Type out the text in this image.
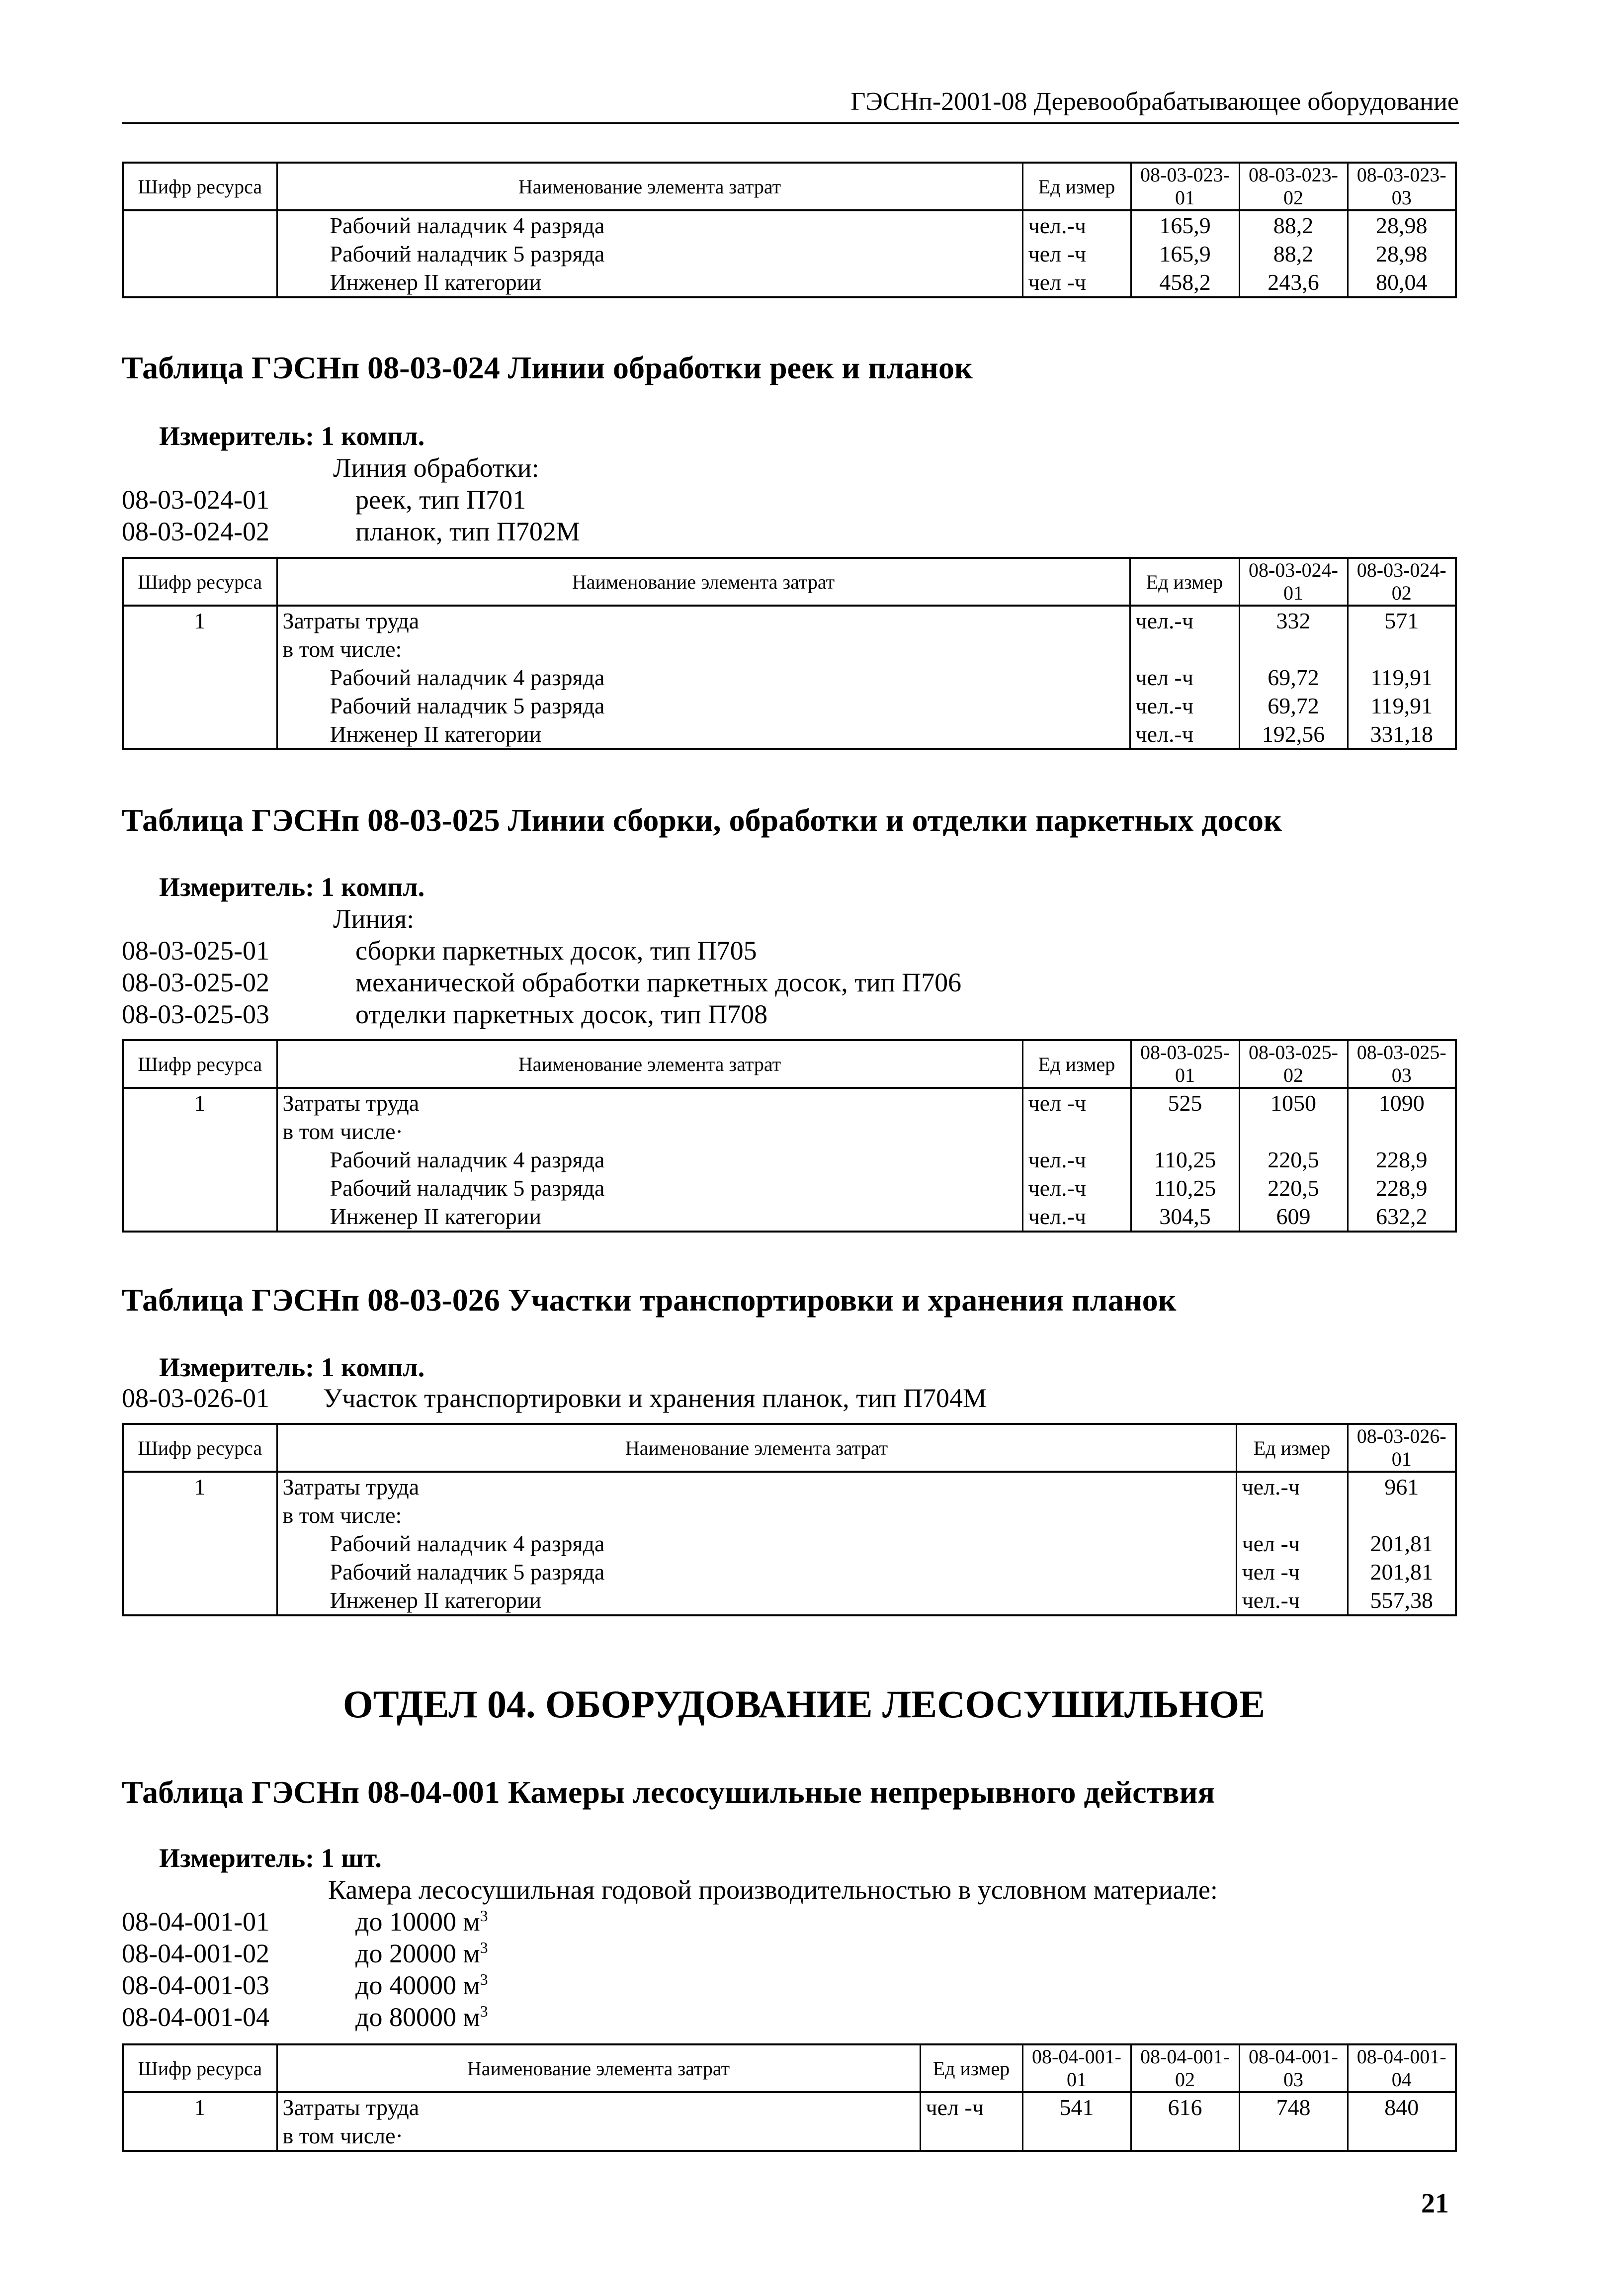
ГЭСНп-2001-08 Деревообрабатывающее оборудование
Шифр ресурса	Наименование элемента затрат	Ед измер	08-03-023-01	08-03-023-02	08-03-023-03
	Рабочий наладчик 4 разряда	чел.-ч	165,9	88,2	28,98
	Рабочий наладчик 5 разряда	чел -ч	165,9	88,2	28,98
	Инженер II категории	чел -ч	458,2	243,6	80,04
Таблица ГЭСНп 08-03-024 Линии обработки реек и планок
Измеритель: 1 компл.
Линия обработки:
08-03-024-01	реек, тип П701
08-03-024-02	планок, тип П702М
Шифр ресурса	Наименование элемента затрат	Ед измер	08-03-024-01	08-03-024-02
1	Затраты труда	чел.-ч	332	571
	в том числе:			
	Рабочий наладчик 4 разряда	чел -ч	69,72	119,91
	Рабочий наладчик 5 разряда	чел.-ч	69,72	119,91
	Инженер II категории	чел.-ч	192,56	331,18
Таблица ГЭСНп 08-03-025 Линии сборки, обработки и отделки паркетных досок
Измеритель: 1 компл.
Линия:
08-03-025-01	сборки паркетных досок, тип П705
08-03-025-02	механической обработки паркетных досок, тип П706
08-03-025-03	отделки паркетных досок, тип П708
Шифр ресурса	Наименование элемента затрат	Ед измер	08-03-025-01	08-03-025-02	08-03-025-03
1	Затраты труда	чел -ч	525	1050	1090
	в том числе·				
	Рабочий наладчик 4 разряда	чел.-ч	110,25	220,5	228,9
	Рабочий наладчик 5 разряда	чел.-ч	110,25	220,5	228,9
	Инженер II категории	чел.-ч	304,5	609	632,2
Таблица ГЭСНп 08-03-026 Участки транспортировки и хранения планок
Измеритель: 1 компл.
08-03-026-01 Участок транспортировки и хранения планок, тип П704М
Шифр ресурса	Наименование элемента затрат	Ед измер	08-03-026-01
1	Затраты труда	чел.-ч	961
	в том числе:		
	Рабочий наладчик 4 разряда	чел -ч	201,81
	Рабочий наладчик 5 разряда	чел -ч	201,81
	Инженер II категории	чел.-ч	557,38
ОТДЕЛ 04. ОБОРУДОВАНИЕ ЛЕСОСУШИЛЬНОЕ
Таблица ГЭСНп 08-04-001 Камеры лесосушильные непрерывного действия
Измеритель: 1 шт.
Камера лесосушильная годовой производительностью в условном материале:
08-04-001-01	до 10000 $м^3$
08-04-001-02	до 20000 $м^3$
08-04-001-03	до 40000 $м^3$
08-04-001-04	до 80000 $м^3$
Шифр ресурса	Наименование элемента затрат	Ед измер	08-04-001-01	08-04-001-02	08-04-001-03	08-04-001-04
1	Затраты труда	чел -ч	541	616	748	840
	в том числе·					
21
